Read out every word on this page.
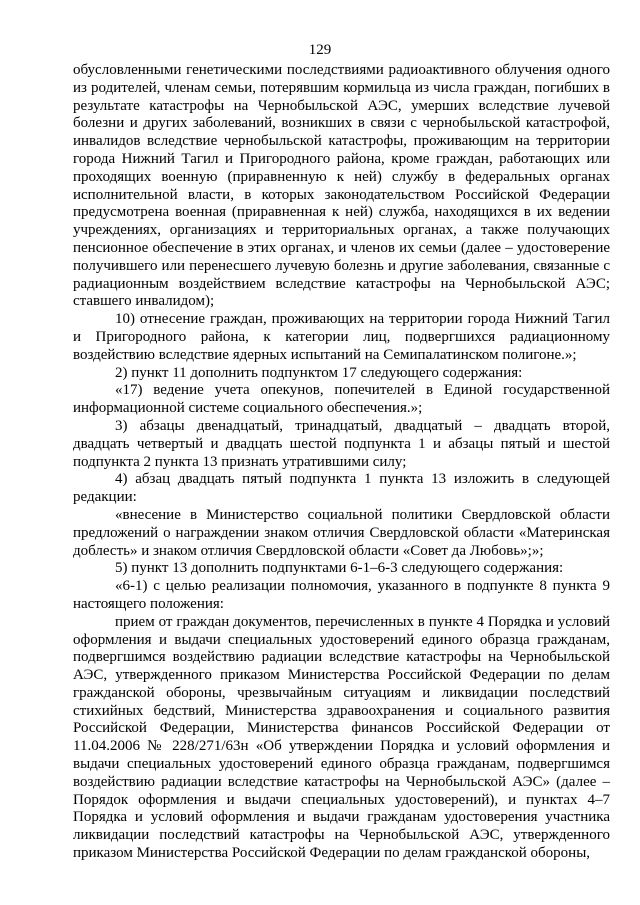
129

обусловленными генетическими последствиями радиоактивного облучения одного из родителей, членам семьи, потерявшим кормильца из числа граждан, погибших в результате катастрофы на Чернобыльской АЭС, умерших вследствие лучевой болезни и других заболеваний, возникших в связи с чернобыльской катастрофой, инвалидов вследствие чернобыльской катастрофы, проживающим на территории города Нижний Тагил и Пригородного района, кроме граждан, работающих или проходящих военную (приравненную к ней) службу в федеральных органах исполнительной власти, в которых законодательством Российской Федерации предусмотрена военная (приравненная к ней) служба, находящихся в их ведении учреждениях, организациях и территориальных органах, а также получающих пенсионное обеспечение в этих органах, и членов их семьи (далее – удостоверение получившего или перенесшего лучевую болезнь и другие заболевания, связанные с радиационным воздействием вследствие катастрофы на Чернобыльской АЭС; ставшего инвалидом);

10) отнесение граждан, проживающих на территории города Нижний Тагил и Пригородного района, к категории лиц, подвергшихся радиационному воздействию вследствие ядерных испытаний на Семипалатинском полигоне.»;

2) пункт 11 дополнить подпунктом 17 следующего содержания:

«17) ведение учета опекунов, попечителей в Единой государственной информационной системе социального обеспечения.»;

3) абзацы двенадцатый, тринадцатый, двадцатый – двадцать второй, двадцать четвертый и двадцать шестой подпункта 1 и абзацы пятый и шестой подпункта 2 пункта 13 признать утратившими силу;

4) абзац двадцать пятый подпункта 1 пункта 13 изложить в следующей редакции:

«внесение в Министерство социальной политики Свердловской области предложений о награждении знаком отличия Свердловской области «Материнская доблесть» и знаком отличия Свердловской области «Совет да Любовь»;»;

5) пункт 13 дополнить подпунктами 6-1–6-3 следующего содержания:

«6-1) с целью реализации полномочия, указанного в подпункте 8 пункта 9 настоящего положения:

прием от граждан документов, перечисленных в пункте 4 Порядка и условий оформления и выдачи специальных удостоверений единого образца гражданам, подвергшимся воздействию радиации вследствие катастрофы на Чернобыльской АЭС, утвержденного приказом Министерства Российской Федерации по делам гражданской обороны, чрезвычайным ситуациям и ликвидации последствий стихийных бедствий, Министерства здравоохранения и социального развития Российской Федерации, Министерства финансов Российской Федерации от 11.04.2006 № 228/271/63н «Об утверждении Порядка и условий оформления и выдачи специальных удостоверений единого образца гражданам, подвергшимся воздействию радиации вследствие катастрофы на Чернобыльской АЭС» (далее – Порядок оформления и выдачи специальных удостоверений), и пунктах 4–7 Порядка и условий оформления и выдачи гражданам удостоверения участника ликвидации последствий катастрофы на Чернобыльской АЭС, утвержденного приказом Министерства Российской Федерации по делам гражданской обороны,
